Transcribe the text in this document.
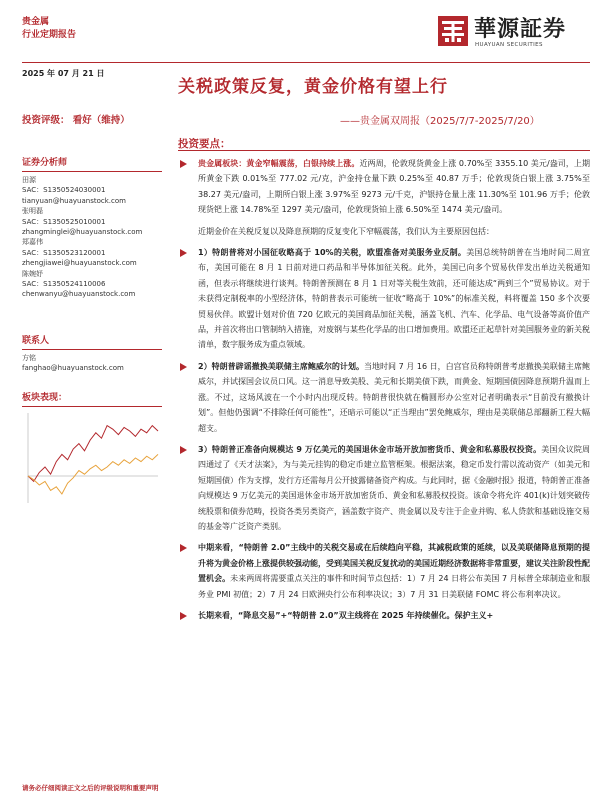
贵金属
行业定期报告	華源証券
HUAYUAN SECURITIES
2025 年 07 月 21 日
关税政策反复，黄金价格有望上行
投资评级： 看好（维持）	——贵金属双周报（2025/7/7-2025/7/20）
证券分析师
田源
SAC：S1350524030001
tianyuan@huayuanstock.com
张明磊
SAC：S1350525010001
zhangminglei@huayuanstock.com
郑嘉伟
SAC：S1350523120001
zhengjiawei@huayuanstock.com
陈婉妤
SAC：S1350524110006
chenwanyu@huayuanstock.com
联系人
方铭
fanghao@huayuanstock.com
板块表现：
投资要点：
贵金属板块：黄金窄幅震荡，白银持续上涨。近两周，伦敦现货黄金上涨 0.70%至 3355.10 美元/盎司，上期所黄金下跌 0.01%至 777.02 元/克，沪金持仓量下跌 0.25%至 40.87 万手；伦敦现货白银上涨 3.75%至 38.27 美元/盎司，上期所白银上涨 3.97%至 9273 元/千克，沪银持仓量上涨 11.30%至 101.96 万手；伦敦现货钯上涨 14.78%至 1297 美元/盎司，伦敦现货铂上涨 6.50%至 1474 美元/盎司。
近期金价在关税反复以及降息预期的反复变化下窄幅震荡，我们认为主要原因包括：
1）特朗普将对小国征收略高于 10%的关税，欧盟准备对美服务业反制。美国总统特朗普在当地时间二周宣布，美国可能在 8 月 1 日前对进口药品和半导体加征关税。此外，美国已向多个贸易伙伴发出单边关税通知函，但表示将继续进行谈判。特朗普预测在 8 月 1 日对等关税生效前，还可能达成“两到三个”贸易协议。对于未获得定制税率的小型经济体，特朗普表示可能统一征收“略高于 10%”的标准关税，料将覆盖 150 多个次要贸易伙伴。欧盟计划对价值 720 亿欧元的美国商品加征关税，涵盖飞机、汽车、化学品、电气设备等高价值产品，并首次将出口管制纳入措施，对废钢与某些化学品的出口增加费用。欧盟还正起草针对美国服务业的新关税清单，数字服务成为重点领域。
2）特朗普辟谣撤换美联储主席鲍威尔的计划。当地时间 7 月 16 日，白宫官员称特朗普考虑撤换美联储主席鲍威尔，并试探国会议员口风。这一消息导致美股、美元和长期美债下跌，而黄金、短期国债因降息预期升温而上涨。不过，这场风波在一个小时内出现反转。特朗普很快就在椭圆形办公室对记者明确表示“目前没有撤换计划”。但他仍强调“不排除任何可能性”，还暗示可能以“正当理由”罢免鲍威尔，理由是美联储总部翻新工程大幅超支。
3）特朗普正准备向规模达 9 万亿美元的美国退休金市场开放加密货币、黄金和私募股权投资。美国众议院周四通过了《天才法案》，为与美元挂钩的稳定币建立监管框架。根据法案，稳定币发行需以流动资产（如美元和短期国债）作为支撑，发行方还需每月公开披露储备资产构成。与此同时，据《金融时报》报道，特朗普正准备向规模达 9 万亿美元的美国退休金市场开放加密货币、黄金和私募股权投资。该命令将允许 401(k)计划突破传统股票和债券范畴，投资各类另类资产，涵盖数字资产、贵金属以及专注于企业并购、私人贷款和基础设施交易的基金等广泛资产类别。
中期来看，“特朗普 2.0”主线中的关税交易或在后续趋向平稳，其减税政策的延续，以及美联储降息预期的提升将为黄金价格上涨提供较强动能，受到美国关税反复扰动的美国近期经济数据将非常重要，建议关注阶段性配置机会。未来两周将需要重点关注的事件和时间节点包括：1）7 月 24 日将公布美国 7 月标普全球制造业和服务业 PMI 初值；2）7 月 24 日欧洲央行公布利率决议；3）7 月 31 日美联储 FOMC 将公布利率决议。
长期来看，“降息交易”+“特朗普 2.0”双主线将在 2025 年持续催化。保护主义+
请务必仔细阅读正文之后的评级说明和重要声明
